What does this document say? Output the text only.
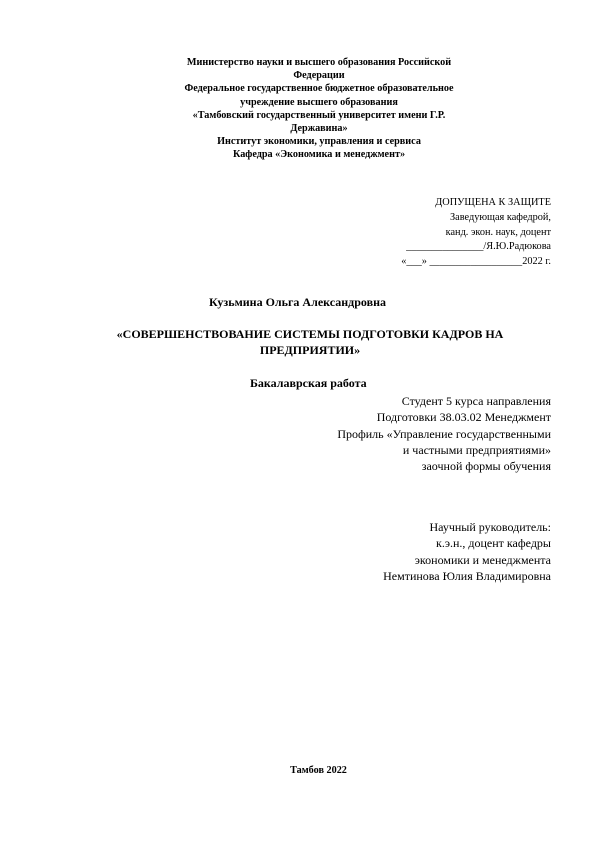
Министерство науки и высшего образования Российской
Федерации
Федеральное государственное бюджетное образовательное
учреждение высшего образования
«Тамбовский государственный университет имени Г.Р.
Державина»
Институт экономики, управления и сервиса
Кафедра «Экономика и менеджмент»
ДОПУЩЕНА К ЗАЩИТЕ
Заведующая кафедрой,
канд. экон. наук, доцент
_______________/Я.Ю.Радюкова
«___» __________________2022 г.
Кузьмина Ольга Александровна
«СОВЕРШЕНСТВОВАНИЕ СИСТЕМЫ ПОДГОТОВКИ КАДРОВ НА
ПРЕДПРИЯТИИ»
Бакалаврская работа
Студент 5 курса направления
Подготовки 38.03.02 Менеджмент
Профиль «Управление государственными
и частными предприятиями»
заочной формы обучения
Научный руководитель:
к.э.н., доцент кафедры
экономики и менеджмента
Немтинова Юлия Владимировна
Тамбов 2022
